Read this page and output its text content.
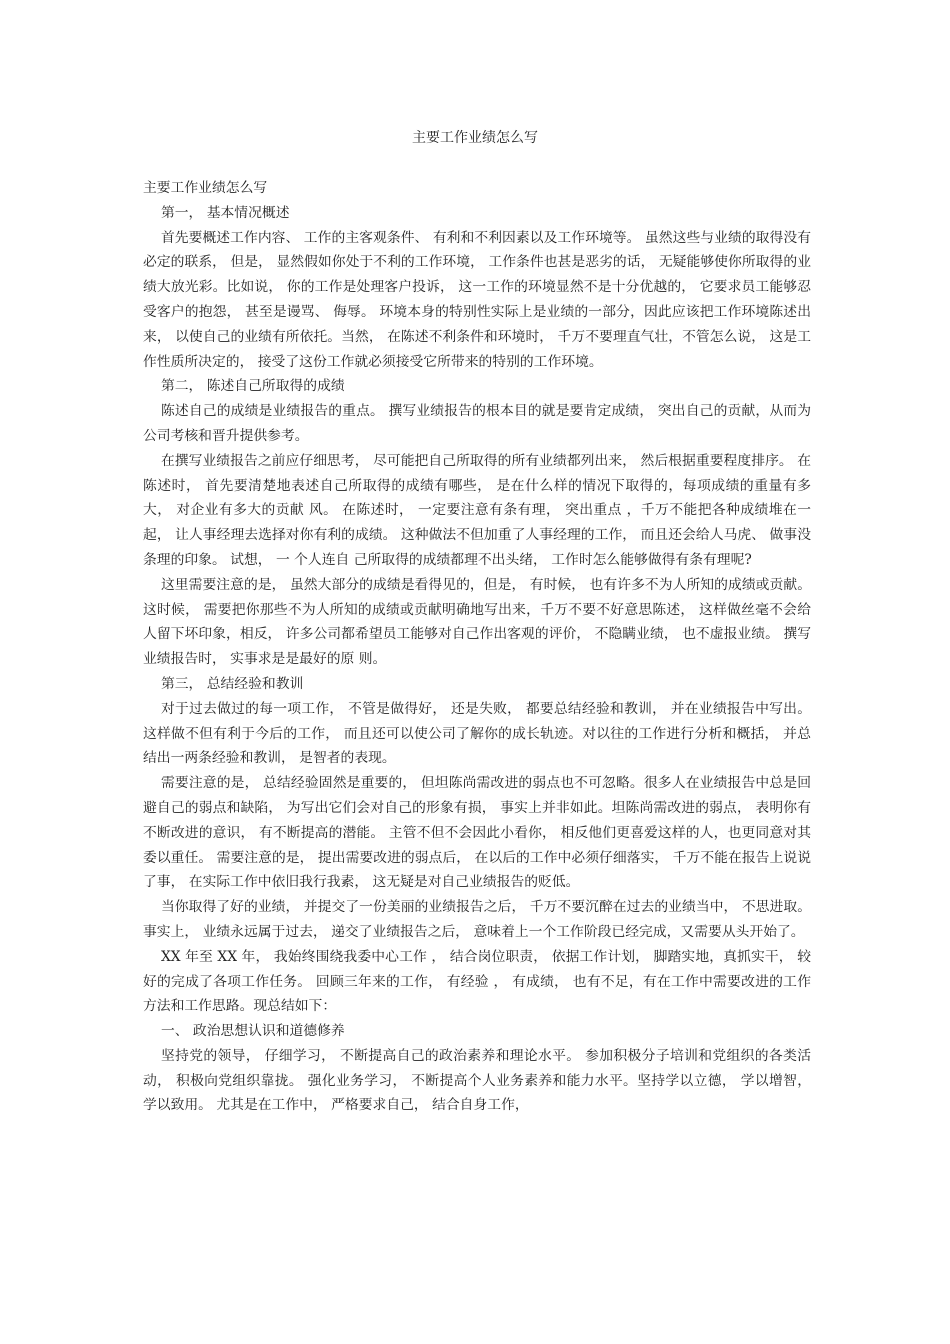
主要工作业绩怎么写

主要工作业绩怎么写

第一， 基本情况概述

首先要概述工作内容、 工作的主客观条件、 有利和不利因素以及工作环境等。 虽然这些与业绩的取得没有必定的联系， 但是， 显然假如你处于不利的工作环境， 工作条件也甚是恶劣的话， 无疑能够使你所取得的业绩大放光彩。比如说， 你的工作是处理客户投诉， 这一工作的环境显然不是十分优越的， 它要求员工能够忍受客户的抱怨， 甚至是谩骂、 侮辱。 环境本身的特别性实际上是业绩的一部分，因此应该把工作环境陈述出来， 以使自己的业绩有所依托。当然， 在陈述不利条件和环境时， 千万不要理直气壮，不管怎么说， 这是工作性质所决定的， 接受了这份工作就必须接受它所带来的特别的工作环境。

第二， 陈述自己所取得的成绩

陈述自己的成绩是业绩报告的重点。 撰写业绩报告的根本目的就是要肯定成绩， 突出自己的贡献，从而为公司考核和晋升提供参考。

在撰写业绩报告之前应仔细思考， 尽可能把自己所取得的所有业绩都列出来， 然后根据重要程度排序。 在陈述时， 首先要清楚地表述自己所取得的成绩有哪些， 是在什么样的情况下取得的，每项成绩的重量有多大， 对企业有多大的贡献 风。 在陈述时， 一定要注意有条有理， 突出重点 ，千万不能把各种成绩堆在一起， 让人事经理去选择对你有利的成绩。 这种做法不但加重了人事经理的工作， 而且还会给人马虎、 做事没条理的印象。 试想， 一 个人连自 己所取得的成绩都理不出头绪， 工作时怎么能够做得有条有理呢?

这里需要注意的是， 虽然大部分的成绩是看得见的，但是， 有时候， 也有许多不为人所知的成绩或贡献。 这时候， 需要把你那些不为人所知的成绩或贡献明确地写出来，千万不要不好意思陈述， 这样做丝毫不会给人留下坏印象，相反， 许多公司都希望员工能够对自己作出客观的评价， 不隐瞒业绩， 也不虚报业绩。 撰写业绩报告时， 实事求是是最好的原 则。

第三， 总结经验和教训

对于过去做过的每一项工作， 不管是做得好， 还是失败， 都要总结经验和教训， 并在业绩报告中写出。 这样做不但有利于今后的工作， 而且还可以使公司了解你的成长轨迹。对以往的工作进行分析和概括， 并总结出一两条经验和教训， 是智者的表现。

需要注意的是， 总结经验固然是重要的， 但坦陈尚需改进的弱点也不可忽略。很多人在业绩报告中总是回避自己的弱点和缺陷， 为写出它们会对自己的形象有损， 事实上并非如此。坦陈尚需改进的弱点， 表明你有不断改进的意识， 有不断提高的潜能。 主管不但不会因此小看你， 相反他们更喜爱这样的人，也更同意对其委以重任。 需要注意的是， 提出需要改进的弱点后， 在以后的工作中必须仔细落实， 千万不能在报告上说说了事， 在实际工作中依旧我行我素， 这无疑是对自己业绩报告的贬低。

当你取得了好的业绩， 并提交了一份美丽的业绩报告之后， 千万不要沉醉在过去的业绩当中， 不思进取。 事实上， 业绩永远属于过去， 递交了业绩报告之后， 意味着上一个工作阶段已经完成，又需要从头开始了。

XX 年至 XX 年， 我始终围绕我委中心工作 ， 结合岗位职责， 依据工作计划， 脚踏实地，真抓实干， 较好的完成了各项工作任务。 回顾三年来的工作， 有经验 ， 有成绩， 也有不足，有在工作中需要改进的工作方法和工作思路。现总结如下：

一、 政治思想认识和道德修养

坚持党的领导， 仔细学习， 不断提高自己的政治素养和理论水平。 参加积极分子培训和党组织的各类活动， 积极向党组织靠拢。 强化业务学习， 不断提高个人业务素养和能力水平。坚持学以立德， 学以增智， 学以致用。 尤其是在工作中， 严格要求自己， 结合自身工作，
